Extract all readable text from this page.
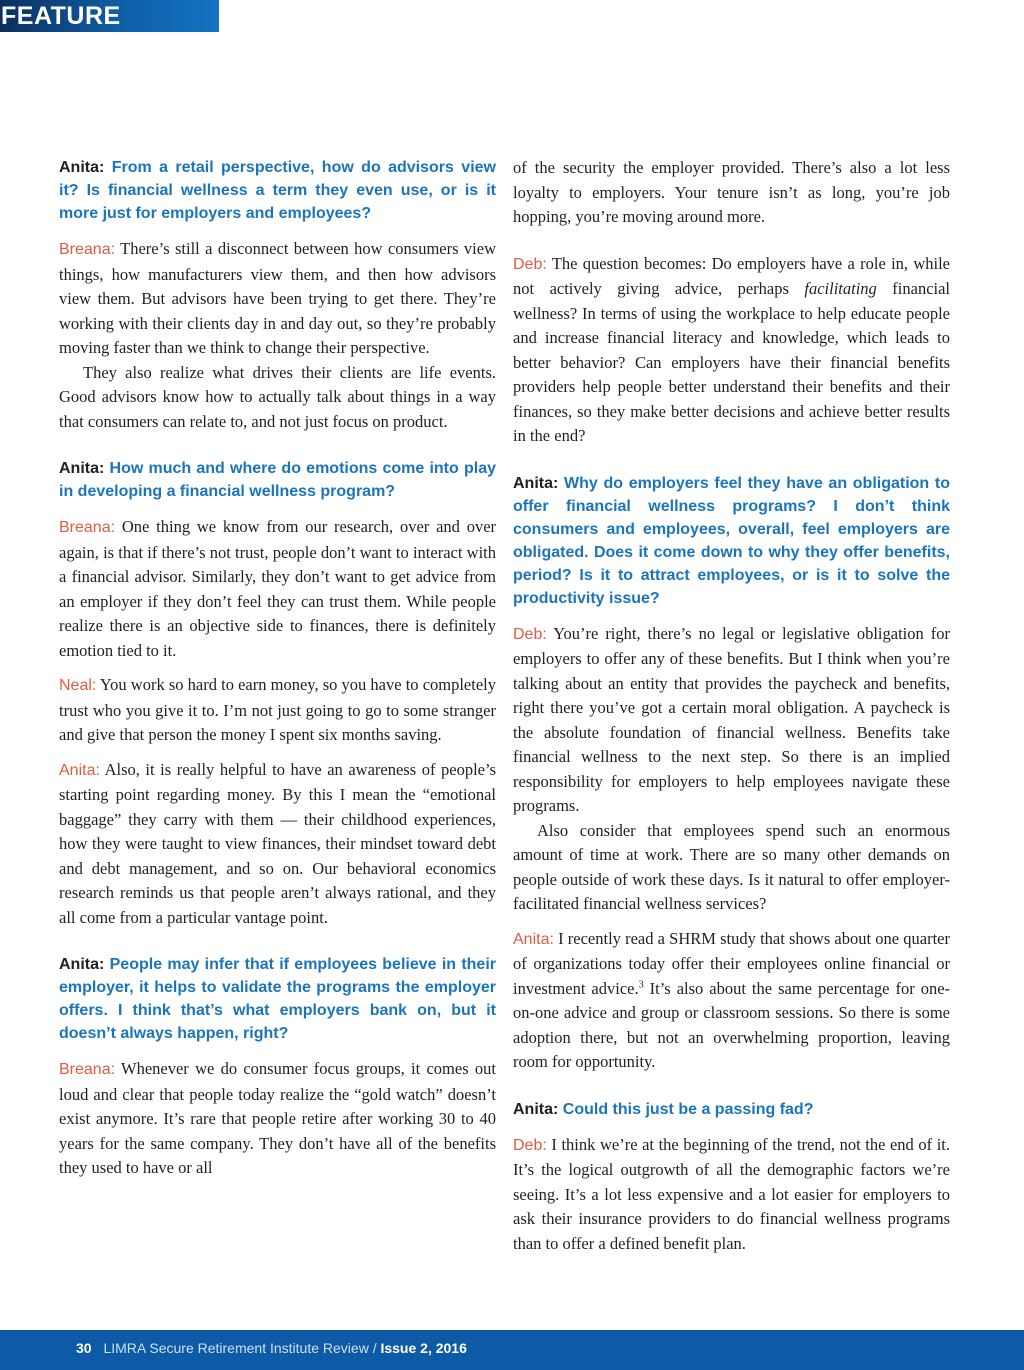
FEATURE

Anita: From a retail perspective, how do advisors view it? Is financial wellness a term they even use, or is it more just for employers and employees?

Breana: There’s still a disconnect between how consumers view things, how manufacturers view them, and then how advisors view them. But advisors have been trying to get there. They’re working with their clients day in and day out, so they’re probably moving faster than we think to change their perspective.

They also realize what drives their clients are life events. Good advisors know how to actually talk about things in a way that consumers can relate to, and not just focus on product.

Anita: How much and where do emotions come into play in developing a financial wellness program?

Breana: One thing we know from our research, over and over again, is that if there’s not trust, people don’t want to interact with a financial advisor. Similarly, they don’t want to get advice from an employer if they don’t feel they can trust them. While people realize there is an objective side to finances, there is definitely emotion tied to it.

Neal: You work so hard to earn money, so you have to completely trust who you give it to. I’m not just going to go to some stranger and give that person the money I spent six months saving.

Anita: Also, it is really helpful to have an awareness of people’s starting point regarding money. By this I mean the “emotional baggage” they carry with them — their childhood experiences, how they were taught to view finances, their mindset toward debt and debt management, and so on. Our behavioral economics research reminds us that people aren’t always rational, and they all come from a particular vantage point.

Anita: People may infer that if employees believe in their employer, it helps to validate the programs the employer offers. I think that’s what employers bank on, but it doesn’t always happen, right?

Breana: Whenever we do consumer focus groups, it comes out loud and clear that people today realize the “gold watch” doesn’t exist anymore. It’s rare that people retire after working 30 to 40 years for the same company. They don’t have all of the benefits they used to have or all

of the security the employer provided. There’s also a lot less loyalty to employers. Your tenure isn’t as long, you’re job hopping, you’re moving around more.

Deb: The question becomes: Do employers have a role in, while not actively giving advice, perhaps facilitating financial wellness? In terms of using the workplace to help educate people and increase financial literacy and knowledge, which leads to better behavior? Can employers have their financial benefits providers help people better understand their benefits and their finances, so they make better decisions and achieve better results in the end?

Anita: Why do employers feel they have an obligation to offer financial wellness programs? I don’t think consumers and employees, overall, feel employers are obligated. Does it come down to why they offer benefits, period? Is it to attract employees, or is it to solve the productivity issue?

Deb: You’re right, there’s no legal or legislative obligation for employers to offer any of these benefits. But I think when you’re talking about an entity that provides the paycheck and benefits, right there you’ve got a certain moral obligation. A paycheck is the absolute foundation of financial wellness. Benefits take financial wellness to the next step. So there is an implied responsibility for employers to help employees navigate these programs.

Also consider that employees spend such an enormous amount of time at work. There are so many other demands on people outside of work these days. Is it natural to offer employer-facilitated financial wellness services?

Anita: I recently read a SHRM study that shows about one quarter of organizations today offer their employees online financial or investment advice.$^3$ It’s also about the same percentage for one-on-one advice and group or classroom sessions. So there is some adoption there, but not an overwhelming proportion, leaving room for opportunity.

Anita: Could this just be a passing fad?

Deb: I think we’re at the beginning of the trend, not the end of it. It’s the logical outgrowth of all the demographic factors we’re seeing. It’s a lot less expensive and a lot easier for employers to ask their insurance providers to do financial wellness programs than to offer a defined benefit plan.

30 LIMRA Secure Retirement Institute Review / Issue 2, 2016
